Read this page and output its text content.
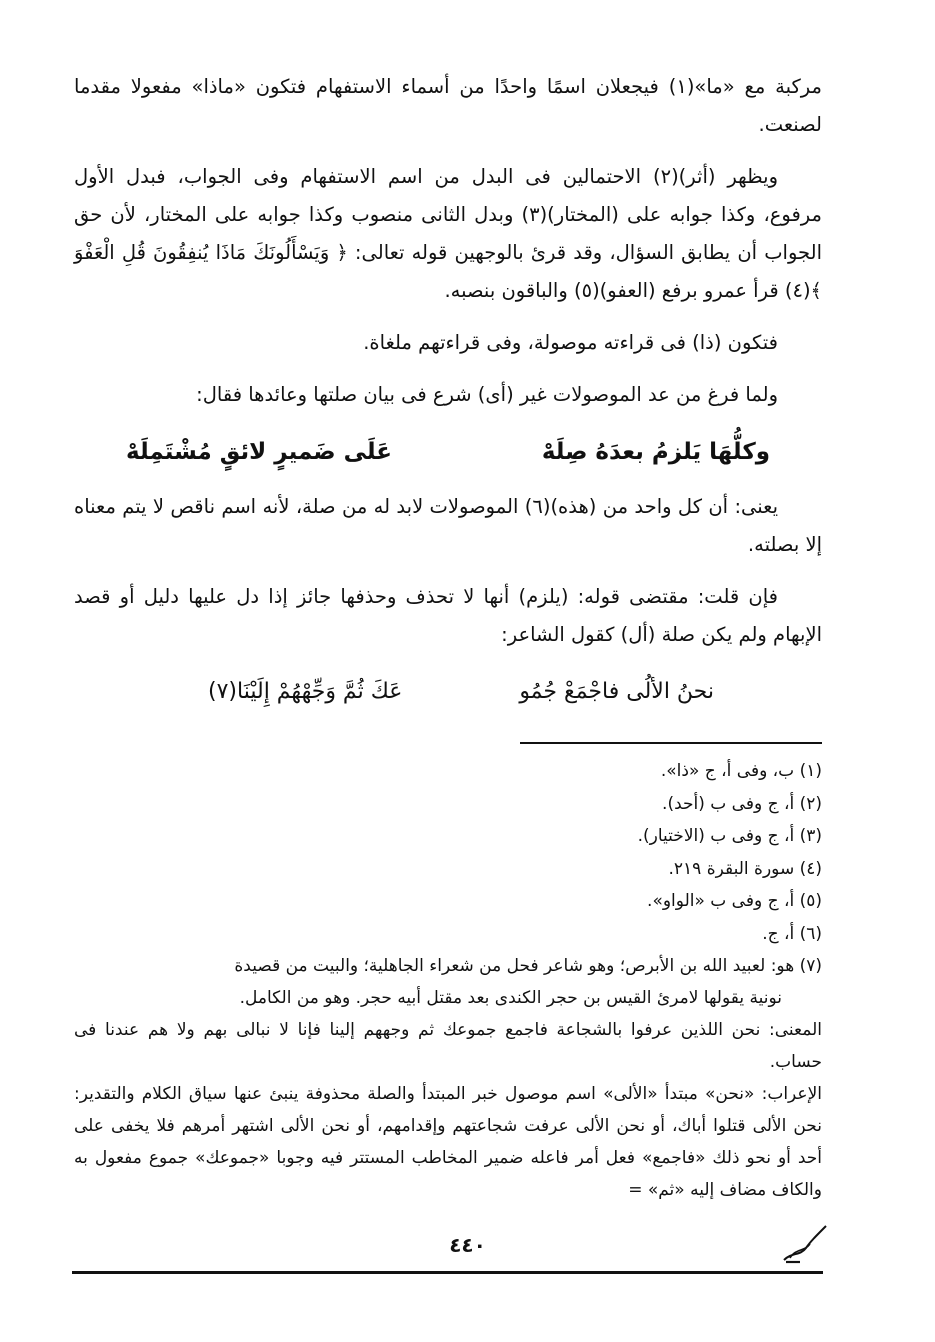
مركبة مع «ما»(١) فيجعلان اسمًا واحدًا من أسماء الاستفهام فتكون «ماذا» مفعولا مقدما لصنعت.

ويظهر (أثر)(٢) الاحتمالين فى البدل من اسم الاستفهام وفى الجواب، فبدل الأول مرفوع، وكذا جوابه على (المختار)(٣) وبدل الثانى منصوب وكذا جوابه على المختار، لأن حق الجواب أن يطابق السؤال، وقد قرئ بالوجهين قوله تعالى: ﴿ وَيَسْأَلُونَكَ مَاذَا يُنفِقُونَ قُلِ الْعَفْوَ ﴾(٤) قرأ عمرو برفع (العفو)(٥) والباقون بنصبه.

فتكون (ذا) فى قراءته موصولة، وفى قراءتهم ملغاة.

ولما فرغ من عد الموصولات غير (أى) شرع فى بيان صلتها وعائدها فقال:

وكلُّهَا يَلزمُ بعدَهُ صِلَهْ
عَلَى ضَميرٍ لائقٍ مُشْتَمِلَهْ

يعنى: أن كل واحد من (هذه)(٦) الموصولات لابد له من صلة، لأنه اسم ناقص لا يتم معناه إلا بصلته.

فإن قلت: مقتضى قوله: (يلزم) أنها لا تحذف وحذفها جائز إذا دل عليها دليل أو قصد الإبهام ولم يكن صلة (أل) كقول الشاعر:

نحنُ الألُى فاجْمَعْ جُمُو
عَكَ ثُمَّ وَجِّهْهُمْ إِلَيْنَا(٧)

(١) ب، وفى أ، ج «ذا».

(٢) أ، ج وفى ب (أحد).

(٣) أ، ج وفى ب (الاختيار).

(٤) سورة البقرة ٢١٩.

(٥) أ، ج وفى ب «الواو».

(٦) أ، ج.

(٧) هو: لعبيد الله بن الأبرص؛ وهو شاعر فحل من شعراء الجاهلية؛ والبيت من قصيدة

نونية يقولها لامرئ القيس بن حجر الكندى بعد مقتل أبيه حجر. وهو من الكامل.

المعنى: نحن اللذين عرفوا بالشجاعة فاجمع جموعك ثم وجههم إلينا فإنا لا نبالى بهم ولا هم عندنا فى حساب.

الإعراب: «نحن» مبتدأ «الألى» اسم موصول خبر المبتدأ والصلة محذوفة ينبئ عنها سياق الكلام والتقدير: نحن الألى قتلوا أباك، أو نحن الألى عرفت شجاعتهم وإقدامهم، أو نحن الألى اشتهر أمرهم فلا يخفى على أحد أو نحو ذلك «فاجمع» فعل أمر فاعله ضمير المخاطب المستتر فيه وجوبا «جموعك» جموع مفعول به والكاف مضاف إليه «ثم» =

٤٤٠
